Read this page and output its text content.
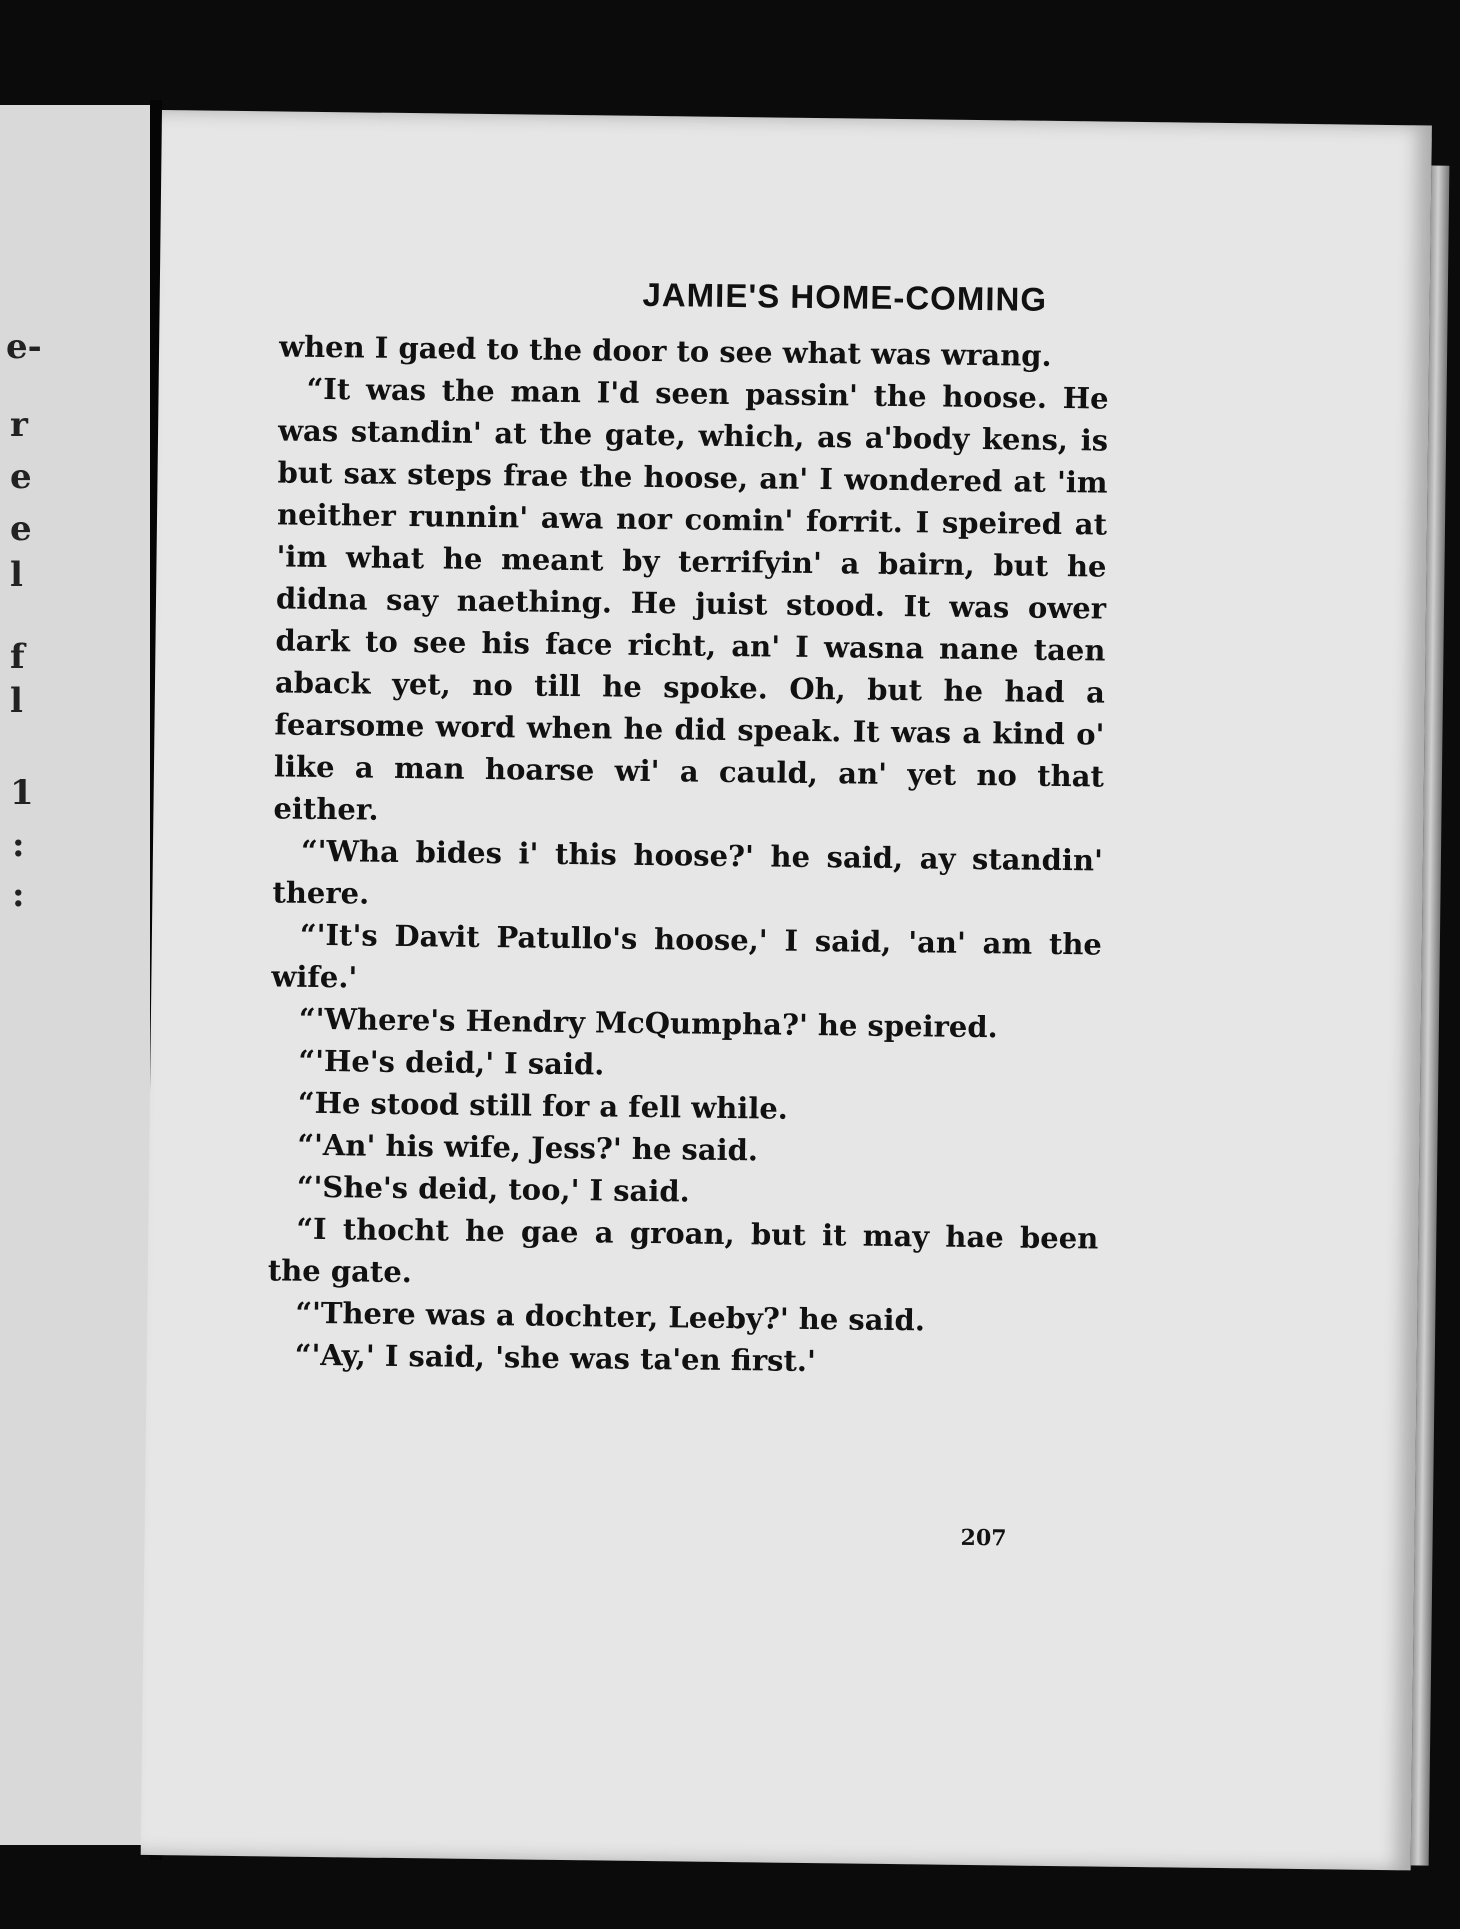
e-
r
e
e
l
f
l
1
:
:
JAMIE'S HOME-COMING

when I gaed to the door to see what was wrang.

“It was the man I'd seen passin' the hoose. He was standin' at the gate, which, as a'body kens, is but sax steps frae the hoose, an' I wondered at 'im neither runnin' awa nor comin' forrit. I speired at 'im what he meant by terrifyin' a bairn, but he didna say naething. He juist stood. It was ower dark to see his face richt, an' I wasna nane taen aback yet, no till he spoke. Oh, but he had a fearsome word when he did speak. It was a kind o' like a man hoarse wi' a cauld, an' yet no that either.

“'Wha bides i' this hoose?' he said, ay standin' there.

“'It's Davit Patullo's hoose,' I said, 'an' am the wife.'

“'Where's Hendry McQumpha?' he speired.

“'He's deid,' I said.

“He stood still for a fell while.

“'An' his wife, Jess?' he said.

“'She's deid, too,' I said.

“I thocht he gae a groan, but it may hae been the gate.

“'There was a dochter, Leeby?' he said.

“'Ay,' I said, 'she was ta'en first.'

207
